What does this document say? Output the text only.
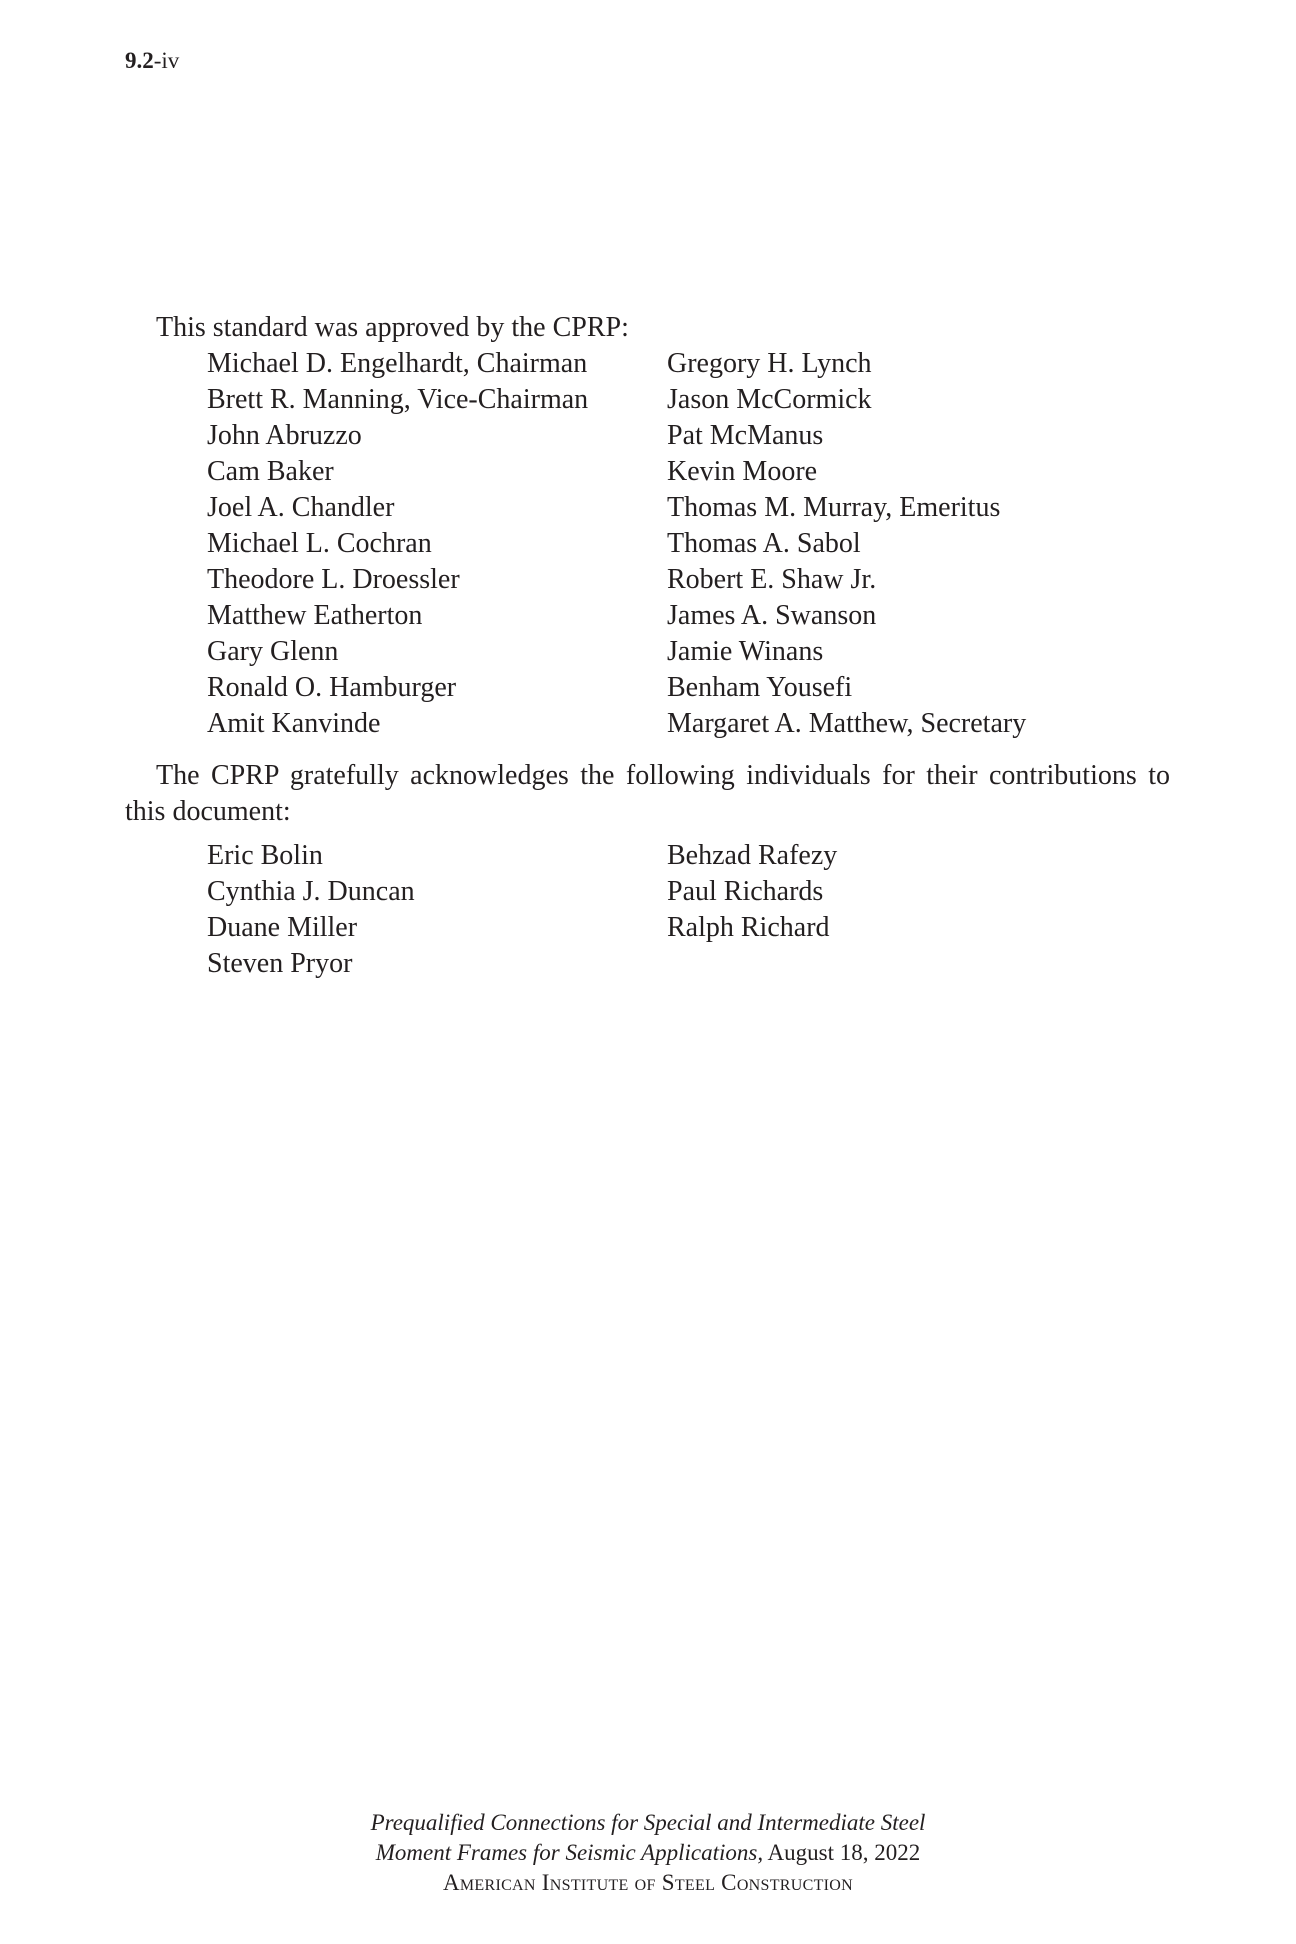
9.2-iv

This standard was approved by the CPRP:

Michael D. Engelhardt, Chairman
Brett R. Manning, Vice-Chairman
John Abruzzo
Cam Baker
Joel A. Chandler
Michael L. Cochran
Theodore L. Droessler
Matthew Eatherton
Gary Glenn
Ronald O. Hamburger
Amit Kanvinde
Gregory H. Lynch
Jason McCormick
Pat McManus
Kevin Moore
Thomas M. Murray, Emeritus
Thomas A. Sabol
Robert E. Shaw Jr.
James A. Swanson
Jamie Winans
Benham Yousefi
Margaret A. Matthew, Secretary

The CPRP gratefully acknowledges the following individuals for their contributions to this document:

Eric Bolin
Cynthia J. Duncan
Duane Miller
Steven Pryor
Behzad Rafezy
Paul Richards
Ralph Richard
Prequalified Connections for Special and Intermediate Steel
Moment Frames for Seismic Applications, August 18, 2022
American Institute of Steel Construction
